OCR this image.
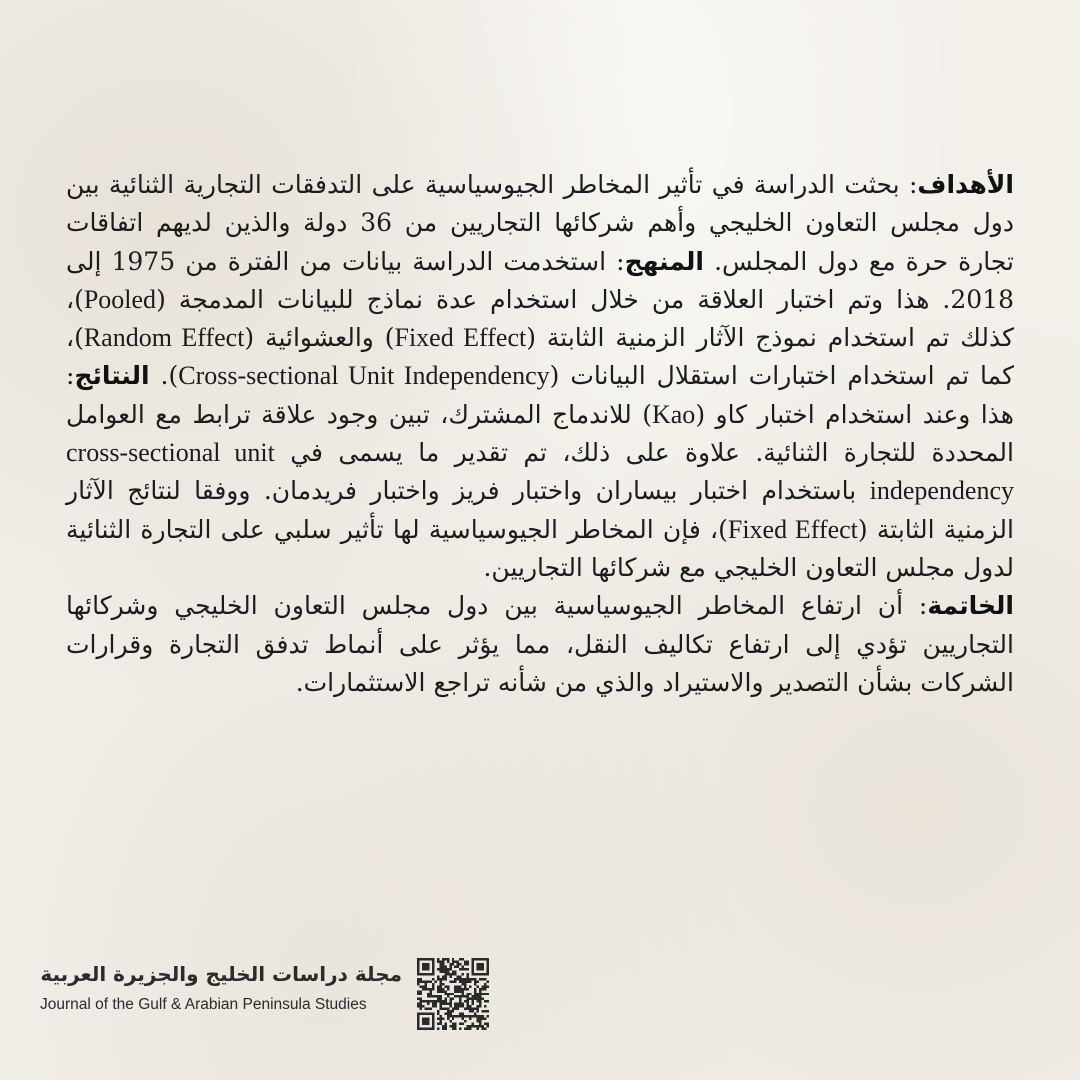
الأهداف: بحثت الدراسة في تأثير المخاطر الجيوسياسية على التدفقات التجارية الثنائية بين دول مجلس التعاون الخليجي وأهم شركائها التجاريين من 36 دولة والذين لديهم اتفاقات تجارة حرة مع دول المجلس. المنهج: استخدمت الدراسة بيانات من الفترة من 1975 إلى 2018. هذا وتم اختبار العلاقة من خلال استخدام عدة نماذج للبيانات المدمجة (Pooled)، كذلك تم استخدام نموذج الآثار الزمنية الثابتة (Fixed Effect) والعشوائية (Random Effect)، كما تم استخدام اختبارات استقلال البيانات (Cross-sectional Unit Independency). النتائج: هذا وعند استخدام اختبار كاو (Kao) للاندماج المشترك، تبين وجود علاقة ترابط مع العوامل المحددة للتجارة الثنائية. علاوة على ذلك، تم تقدير ما يسمى في cross-sectional unit independency باستخدام اختبار بيساران واختبار فريز واختبار فريدمان. ووفقا لنتائج الآثار الزمنية الثابتة (Fixed Effect)، فإن المخاطر الجيوسياسية لها تأثير سلبي على التجارة الثنائية لدول مجلس التعاون الخليجي مع شركائها التجاريين.

الخاتمة: أن ارتفاع المخاطر الجيوسياسية بين دول مجلس التعاون الخليجي وشركائها التجاريين تؤدي إلى ارتفاع تكاليف النقل، مما يؤثر على أنماط تدفق التجارة وقرارات الشركات بشأن التصدير والاستيراد والذي من شأنه تراجع الاستثمارات.

مجلة دراسات الخليج والجزيرة العربية
Journal of the Gulf & Arabian Peninsula Studies
